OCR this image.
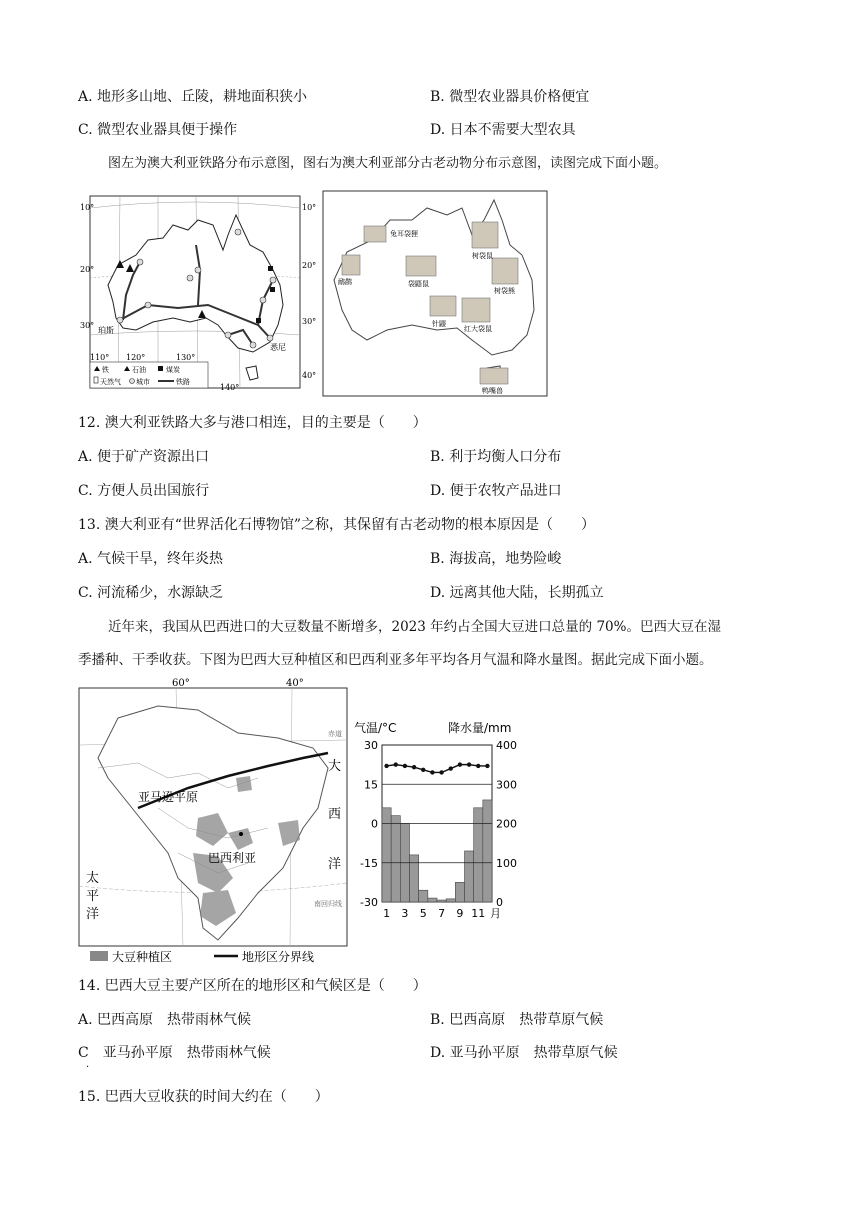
A. 地形多山地、丘陵，耕地面积狭小	B. 微型农业器具价格便宜
C. 微型农业器具便于操作	D. 日本不需要大型农具
图左为澳大利亚铁路分布示意图，图右为澳大利亚部分古老动物分布示意图，读图完成下面小题。
10°
20°
30°
40°
10°
20°
30°
110° 120°	130°
140°
珀斯
悉尼
铁	石油	煤炭
天然气 城市	铁路
兔耳袋狸
树袋鼠
鸸鹋	袋鼯鼠
树袋熊
针鼹
红大袋鼠
鸭嘴兽
12. 澳大利亚铁路大多与港口相连，目的主要是（　　）
A. 便于矿产资源出口	B. 利于均衡人口分布
C. 方便人员出国旅行	D. 便于农牧产品进口
13. 澳大利亚有“世界活化石博物馆”之称，其保留有古老动物的根本原因是（　　）
A. 气候干旱，终年炎热	B. 海拔高，地势险峻
C. 河流稀少，水源缺乏	D. 远离其他大陆，长期孤立
近年来，我国从巴西进口的大豆数量不断增多，2023 年约占全国大豆进口总量的 70%。巴西大豆在湿
季播种、干季收获。下图为巴西大豆种植区和巴西利亚多年平均各月气温和降水量图。据此完成下面小题。
60°	40°
亚马逊平原
巴西利亚
大
西
洋
太
平
洋
赤道
南回归线
大豆种植区	地形区分界线
气温/°C	降水量/mm
30
15
0
-15
-30
400
300
200
100
0
1 3 5 7 9 11 月
14. 巴西大豆主要产区所在的地形区和气候区是（　　）
A. 巴西高原　热带雨林气候	B. 巴西高原　热带草原气候
C　亚马孙平原　热带雨林气候	D. 亚马孙平原　热带草原气候
·
15. 巴西大豆收获的时间大约在（　　）
